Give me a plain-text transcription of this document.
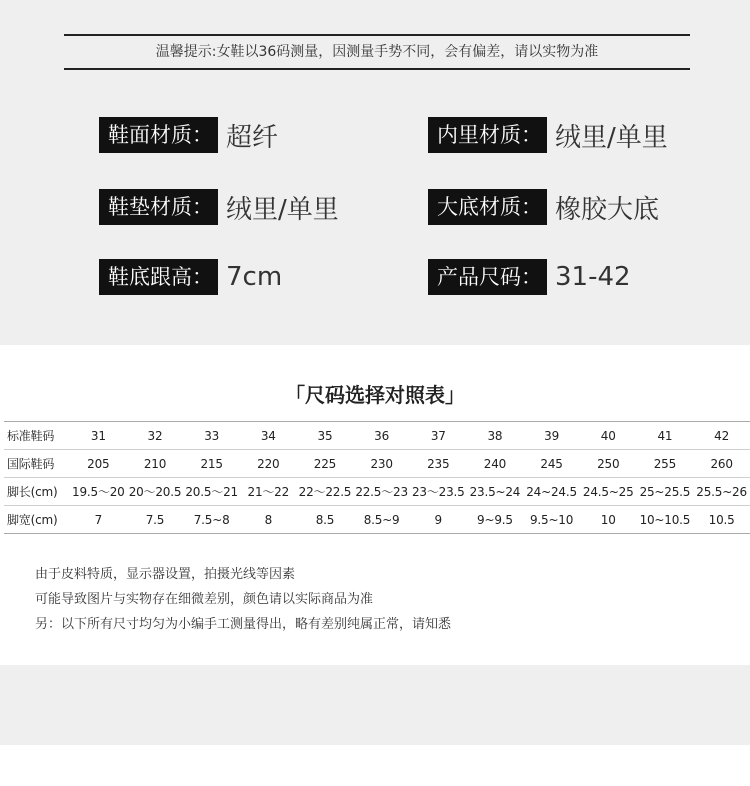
温馨提示:女鞋以36码测量，因测量手势不同，会有偏差，请以实物为准
鞋面材质： 超纤	内里材质： 绒里/单里
鞋垫材质： 绒里/单里	大底材质： 橡胶大底
鞋底跟高： 7cm	产品尺码： 31-42
「尺码选择对照表」
标准鞋码	31	32	33	34	35	36	37	38	39	40	41	42
国际鞋码	205	210	215	220	225	230	235	240	245	250	255	260
脚长(cm)	19.5～20	20～20.5	20.5～21	21～22	22～22.5	22.5～23	23～23.5	23.5~24	24~24.5	24.5~25	25~25.5	25.5~26
脚宽(cm)	7	7.5	7.5~8	8	8.5	8.5~9	9	9~9.5	9.5~10	10	10~10.5	10.5
由于皮料特质，显示器设置，拍摄光线等因素
可能导致图片与实物存在细微差别，颜色请以实际商品为准
另：以下所有尺寸均匀为小编手工测量得出，略有差别纯属正常，请知悉
